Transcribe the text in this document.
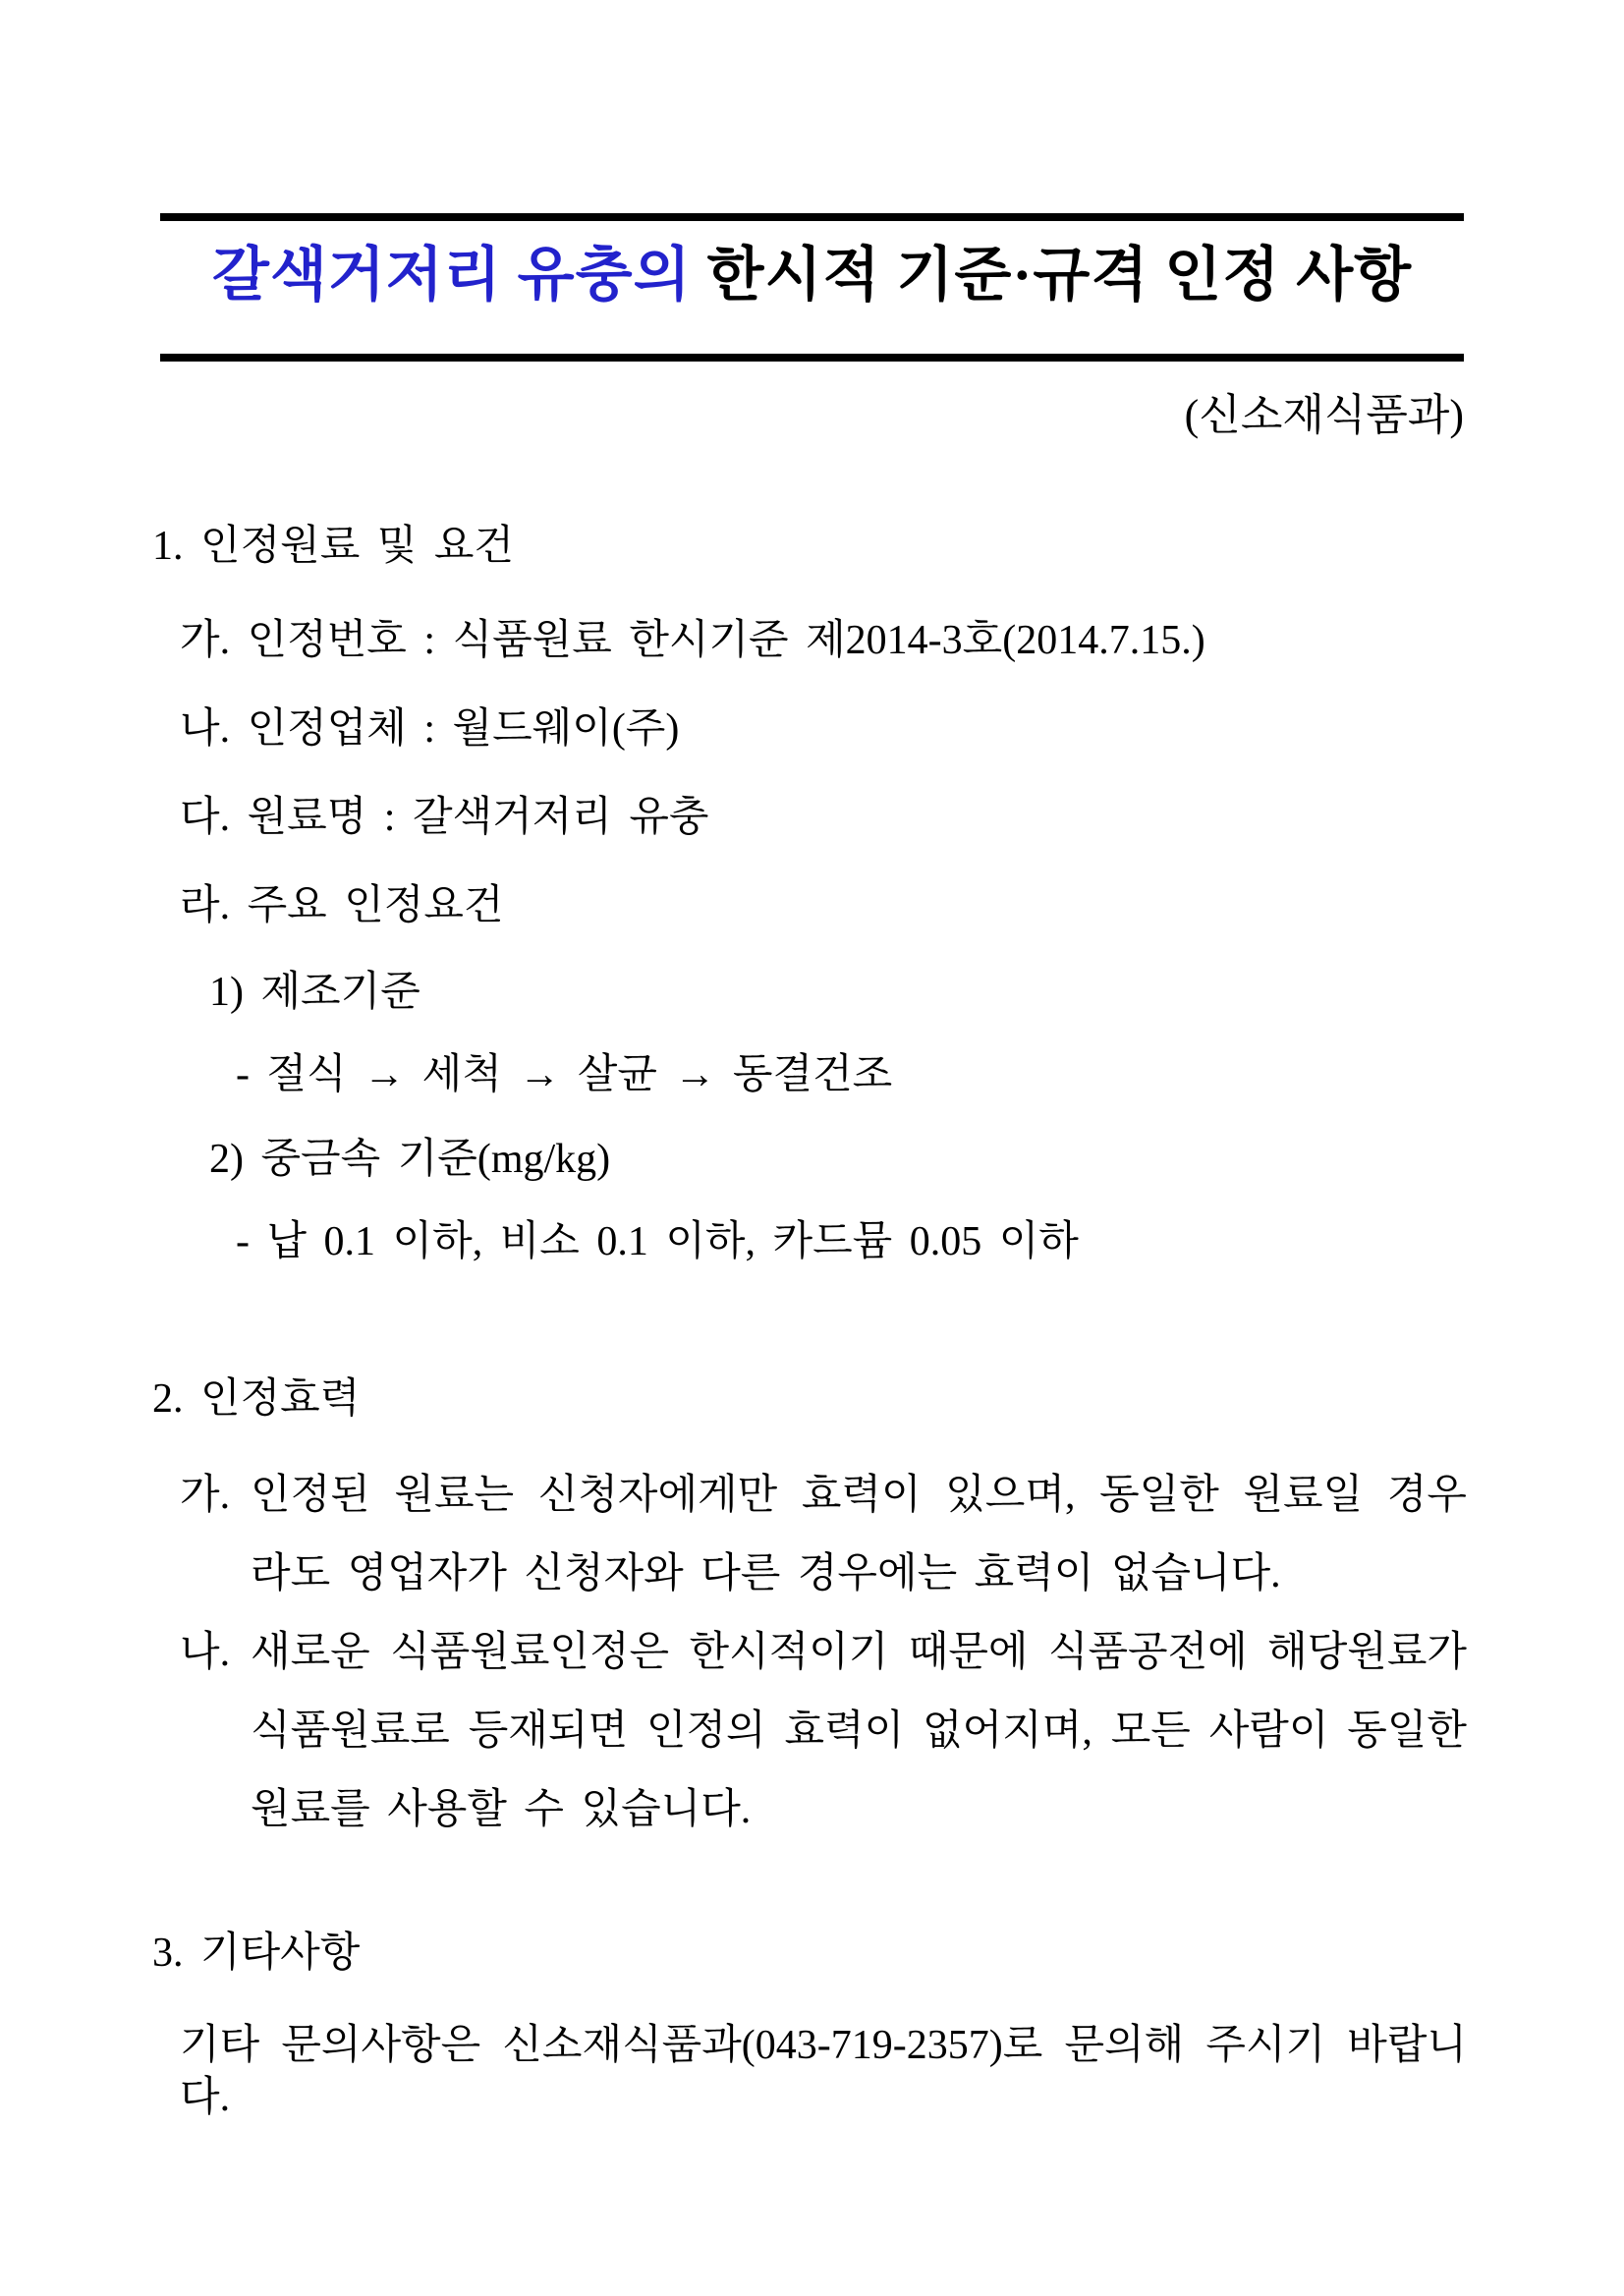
갈색거저리 유충의 한시적 기준·규격 인정 사항
(신소재식품과)
1. 인정원료 및 요건
가. 인정번호 : 식품원료 한시기준 제2014-3호(2014.7.15.)
나. 인정업체 : 월드웨이(주)
다. 원료명 : 갈색거저리 유충
라. 주요 인정요건
1) 제조기준
- 절식 → 세척 → 살균 → 동결건조
2) 중금속 기준(mg/kg)
- 납 0.1 이하, 비소 0.1 이하, 카드뮴 0.05 이하
2. 인정효력
가. 인정된 원료는 신청자에게만 효력이 있으며, 동일한 원료일 경우
라도 영업자가 신청자와 다른 경우에는 효력이 없습니다.
나. 새로운 식품원료인정은 한시적이기 때문에 식품공전에 해당원료가
식품원료로 등재되면 인정의 효력이 없어지며, 모든 사람이 동일한
원료를 사용할 수 있습니다.
3. 기타사항
기타 문의사항은 신소재식품과(043-719-2357)로 문의해 주시기 바랍니다.
